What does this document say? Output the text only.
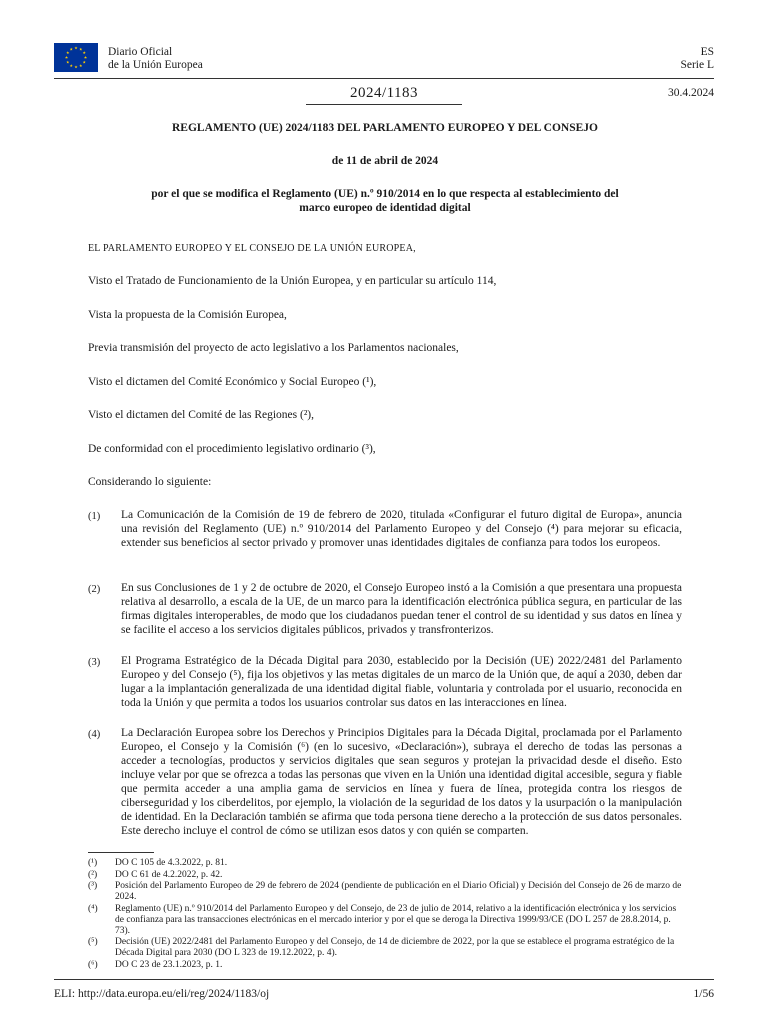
Diario Oficial
de la Unión Europea
ES
Serie L
2024/1183	30.4.2024
REGLAMENTO (UE) 2024/1183 DEL PARLAMENTO EUROPEO Y DEL CONSEJO
de 11 de abril de 2024
por el que se modifica el Reglamento (UE) n.º 910/2014 en lo que respecta al establecimiento del
marco europeo de identidad digital
EL PARLAMENTO EUROPEO Y EL CONSEJO DE LA UNIÓN EUROPEA,
Visto el Tratado de Funcionamiento de la Unión Europea, y en particular su artículo 114,
Vista la propuesta de la Comisión Europea,
Previa transmisión del proyecto de acto legislativo a los Parlamentos nacionales,
Visto el dictamen del Comité Económico y Social Europeo (¹),
Visto el dictamen del Comité de las Regiones (²),
De conformidad con el procedimiento legislativo ordinario (³),
Considerando lo siguiente:
(1) La Comunicación de la Comisión de 19 de febrero de 2020, titulada «Configurar el futuro digital de Europa», anuncia una revisión del Reglamento (UE) n.º 910/2014 del Parlamento Europeo y del Consejo (⁴) para mejorar su eficacia, extender sus beneficios al sector privado y promover unas identidades digitales de confianza para todos los europeos.
(2) En sus Conclusiones de 1 y 2 de octubre de 2020, el Consejo Europeo instó a la Comisión a que presentara una propuesta relativa al desarrollo, a escala de la UE, de un marco para la identificación electrónica pública segura, en particular de las firmas digitales interoperables, de modo que los ciudadanos puedan tener el control de su identidad y sus datos en línea y se facilite el acceso a los servicios digitales públicos, privados y transfronterizos.
(3) El Programa Estratégico de la Década Digital para 2030, establecido por la Decisión (UE) 2022/2481 del Parlamento Europeo y del Consejo (⁵), fija los objetivos y las metas digitales de un marco de la Unión que, de aquí a 2030, deben dar lugar a la implantación generalizada de una identidad digital fiable, voluntaria y controlada por el usuario, reconocida en toda la Unión y que permita a todos los usuarios controlar sus datos en las interacciones en línea.
(4) La Declaración Europea sobre los Derechos y Principios Digitales para la Década Digital, proclamada por el Parlamento Europeo, el Consejo y la Comisión (⁶) (en lo sucesivo, «Declaración»), subraya el derecho de todas las personas a acceder a tecnologías, productos y servicios digitales que sean seguros y protejan la privacidad desde el diseño. Esto incluye velar por que se ofrezca a todas las personas que viven en la Unión una identidad digital accesible, segura y fiable que permita acceder a una amplia gama de servicios en línea y fuera de línea, protegida contra los riesgos de ciberseguridad y los ciberdelitos, por ejemplo, la violación de la seguridad de los datos y la usurpación o la manipulación de identidad. En la Declaración también se afirma que toda persona tiene derecho a la protección de sus datos personales. Este derecho incluye el control de cómo se utilizan esos datos y con quién se comparten.
(¹) DO C 105 de 4.3.2022, p. 81.
(²) DO C 61 de 4.2.2022, p. 42.
(³) Posición del Parlamento Europeo de 29 de febrero de 2024 (pendiente de publicación en el Diario Oficial) y Decisión del Consejo de 26 de marzo de 2024.
(⁴) Reglamento (UE) n.º 910/2014 del Parlamento Europeo y del Consejo, de 23 de julio de 2014, relativo a la identificación electrónica y los servicios de confianza para las transacciones electrónicas en el mercado interior y por el que se deroga la Directiva 1999/93/CE (DO L 257 de 28.8.2014, p. 73).
(⁵) Decisión (UE) 2022/2481 del Parlamento Europeo y del Consejo, de 14 de diciembre de 2022, por la que se establece el programa estratégico de la Década Digital para 2030 (DO L 323 de 19.12.2022, p. 4).
(⁶) DO C 23 de 23.1.2023, p. 1.
ELI: http://data.europa.eu/eli/reg/2024/1183/oj	1/56
